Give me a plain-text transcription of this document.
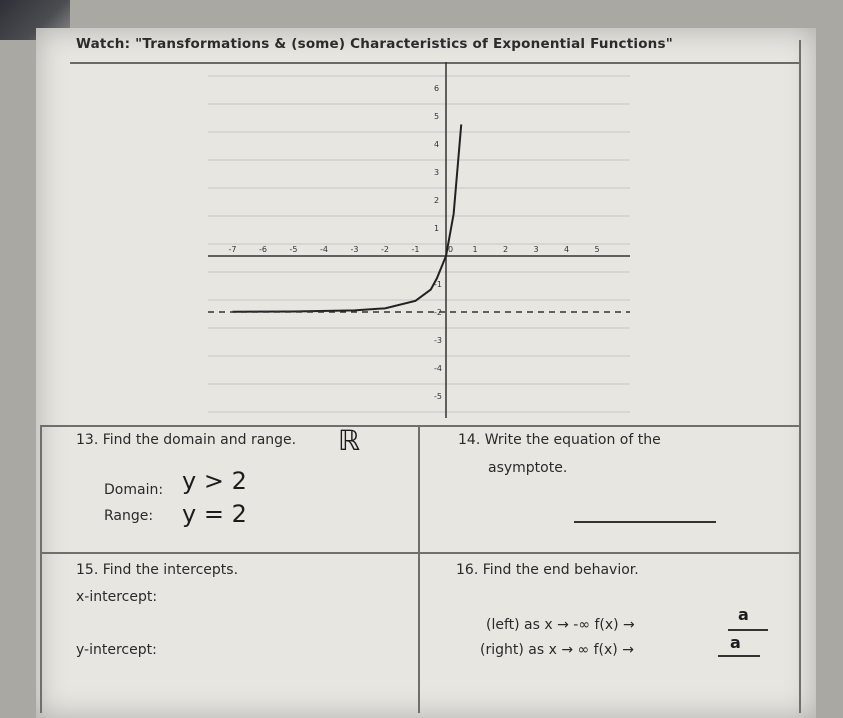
Watch: "Transformations & (some) Characteristics of Exponential Functions"
-7	-6	-5	-4	-3	-2	-1	0 1	2	3	4	5
6
5
4
3
2
1
-1
-2
-3
-4
-5
13. Find the domain and range. ℝ
Domain: y > 2
Range: y = 2
14. Write the equation of the
asymptote.
15. Find the intercepts.
x-intercept:
y-intercept:
16. Find the end behavior.
(left) as x → -∞ f(x) →
a
(right) as x → ∞ f(x) →	a
